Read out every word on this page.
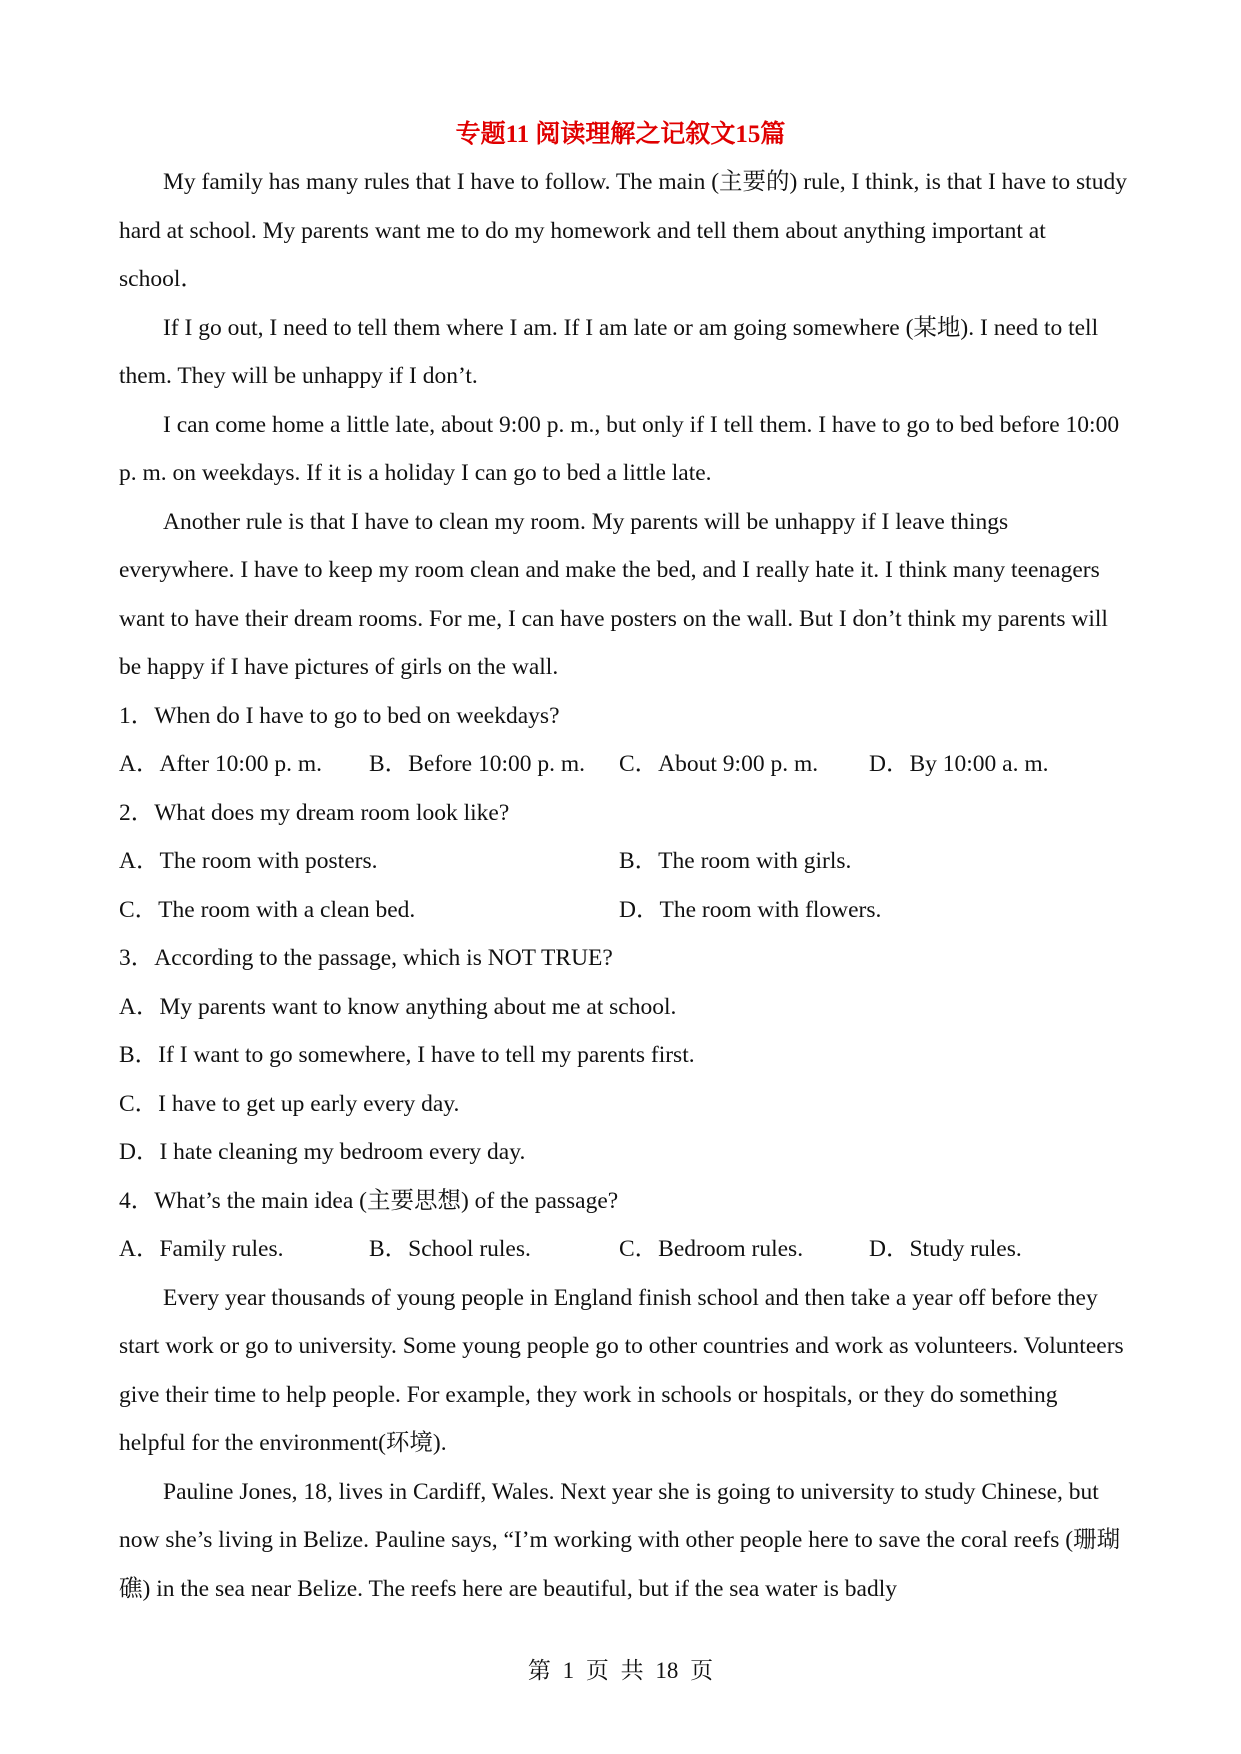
专题11 阅读理解之记叙文15篇

My family has many rules that I have to follow. The main (主要的) rule, I think, is that I have to study hard at school. My parents want me to do my homework and tell them about anything important at school．

If I go out, I need to tell them where I am. If I am late or am going somewhere (某地). I need to tell them. They will be unhappy if I don’t.

I can come home a little late, about 9:00 p. m., but only if I tell them. I have to go to bed before 10:00 p. m. on weekdays. If it is a holiday I can go to bed a little late.

Another rule is that I have to clean my room. My parents will be unhappy if I leave things everywhere. I have to keep my room clean and make the bed, and I really hate it. I think many teenagers want to have their dream rooms. For me, I can have posters on the wall. But I don’t think my parents will be happy if I have pictures of girls on the wall.

1．When do I have to go to bed on weekdays?

A．After 10:00 p. m.	B．Before 10:00 p. m.	C．About 9:00 p. m.	D．By 10:00 a. m.

2．What does my dream room look like?

A．The room with posters.	B．The room with girls.
C．The room with a clean bed.	D．The room with flowers.

3．According to the passage, which is NOT TRUE?

A．My parents want to know anything about me at school.

B．If I want to go somewhere, I have to tell my parents first.

C．I have to get up early every day.

D．I hate cleaning my bedroom every day.

4．What’s the main idea (主要思想) of the passage?

A．Family rules.	B．School rules.	C．Bedroom rules.	D．Study rules.

Every year thousands of young people in England finish school and then take a year off before they start work or go to university. Some young people go to other countries and work as volunteers. Volunteers give their time to help people. For example, they work in schools or hospitals, or they do something helpful for the environment(环境).

Pauline Jones, 18, lives in Cardiff, Wales. Next year she is going to university to study Chinese, but now she’s living in Belize. Pauline says, “I’m working with other people here to save the coral reefs (珊瑚礁) in the sea near Belize. The reefs here are beautiful, but if the sea water is badly

第 1 页 共 18 页
